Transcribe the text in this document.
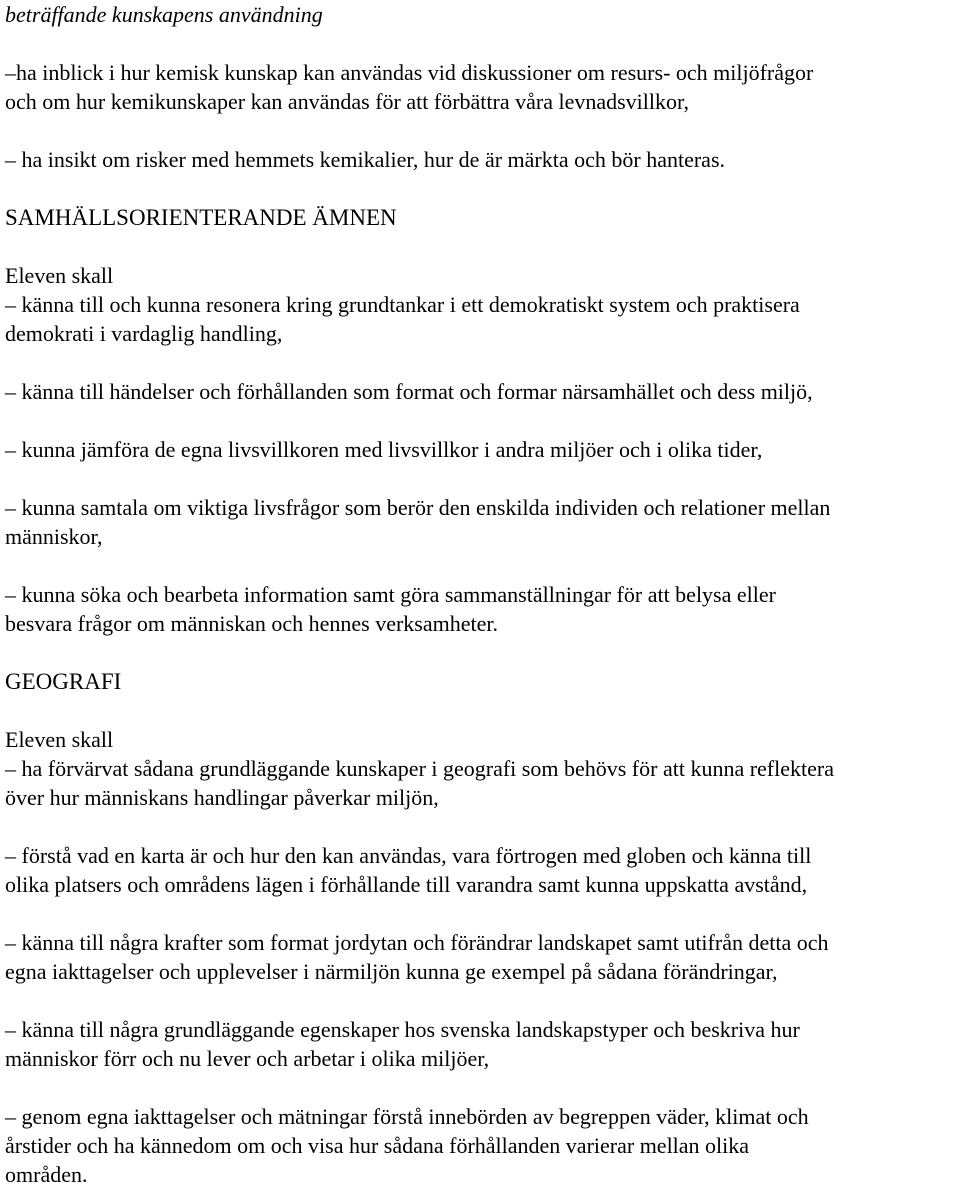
beträffande kunskapens användning
–ha inblick i hur kemisk kunskap kan användas vid diskussioner om resurs- och miljöfrågor
och om hur kemikunskaper kan användas för att förbättra våra levnadsvillkor,
– ha insikt om risker med hemmets kemikalier, hur de är märkta och bör hanteras.
SAMHÄLLSORIENTERANDE ÄMNEN
Eleven skall
– känna till och kunna resonera kring grundtankar i ett demokratiskt system och praktisera
demokrati i vardaglig handling,
– känna till händelser och förhållanden som format och formar närsamhället och dess miljö,
– kunna jämföra de egna livsvillkoren med livsvillkor i andra miljöer och i olika tider,
– kunna samtala om viktiga livsfrågor som berör den enskilda individen och relationer mellan
människor,
– kunna söka och bearbeta information samt göra sammanställningar för att belysa eller
besvara frågor om människan och hennes verksamheter.
GEOGRAFI
Eleven skall
– ha förvärvat sådana grundläggande kunskaper i geografi som behövs för att kunna reflektera
över hur människans handlingar påverkar miljön,
– förstå vad en karta är och hur den kan användas, vara förtrogen med globen och känna till
olika platsers och områdens lägen i förhållande till varandra samt kunna uppskatta avstånd,
– känna till några krafter som format jordytan och förändrar landskapet samt utifrån detta och
egna iakttagelser och upplevelser i närmiljön kunna ge exempel på sådana förändringar,
– känna till några grundläggande egenskaper hos svenska landskapstyper och beskriva hur
människor förr och nu lever och arbetar i olika miljöer,
– genom egna iakttagelser och mätningar förstå innebörden av begreppen väder, klimat och
årstider och ha kännedom om och visa hur sådana förhållanden varierar mellan olika
områden.
